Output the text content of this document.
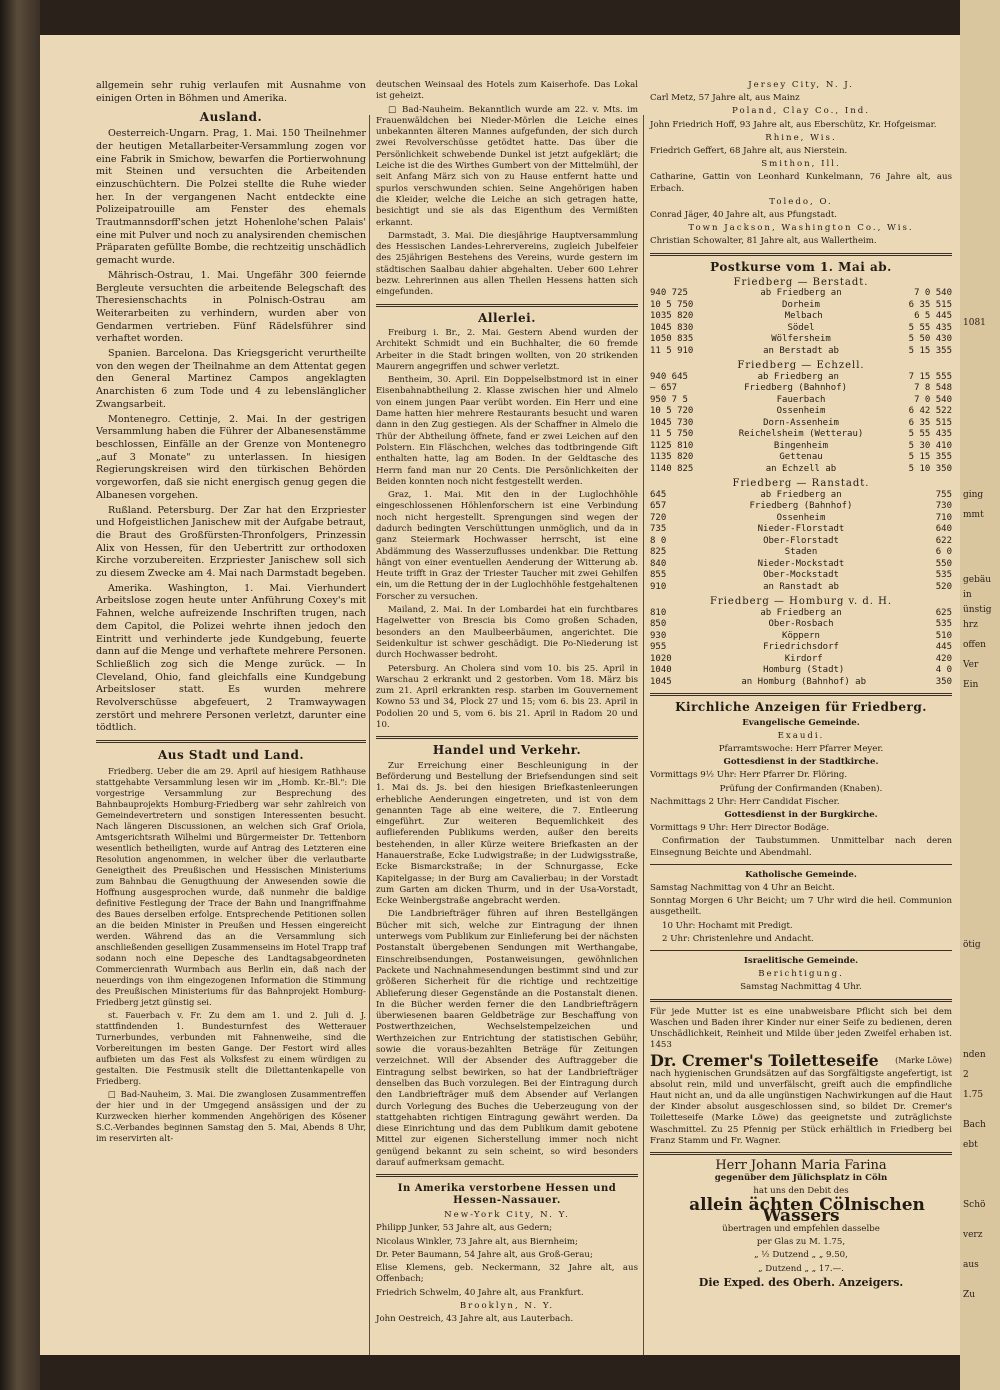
1081
ging
mmt
gebäu
in
ünstig
hrz
offen
Ver
Ein
ötig
nden
2
1.75
Bach
ebt
Schö
verz
aus
Zu

allgemein sehr ruhig verlaufen mit Ausnahme von einigen Orten in Böhmen und Amerika.

Ausland.

Oesterreich-Ungarn. Prag, 1. Mai. 150 Theilnehmer der heutigen Metallarbeiter-Versammlung zogen vor eine Fabrik in Smichow, bewarfen die Portierwohnung mit Steinen und versuchten die Arbeitenden einzuschüchtern. Die Polzei stellte die Ruhe wieder her. In der vergangenen Nacht entdeckte eine Polizeipatrouille am Fenster des ehemals Trautmannsdorff'schen jetzt Hohenlohe'schen Palais' eine mit Pulver und noch zu analysirenden chemischen Präparaten gefüllte Bombe, die rechtzeitig unschädlich gemacht wurde.

Mährisch-Ostrau, 1. Mai. Ungefähr 300 feiernde Bergleute versuchten die arbeitende Belegschaft des Theresienschachts in Polnisch-Ostrau am Weiterarbeiten zu verhindern, wurden aber von Gendarmen vertrieben. Fünf Rädelsführer sind verhaftet worden.

Spanien. Barcelona. Das Kriegsgericht verurtheilte von den wegen der Theilnahme an dem Attentat gegen den General Martinez Campos angeklagten Anarchisten 6 zum Tode und 4 zu lebenslänglicher Zwangsarbeit.

Montenegro. Cettinje, 2. Mai. In der gestrigen Versammlung haben die Führer der Albanesenstämme beschlossen, Einfälle an der Grenze von Montenegro „auf 3 Monate" zu unterlassen. In hiesigen Regierungskreisen wird den türkischen Behörden vorgeworfen, daß sie nicht energisch genug gegen die Albanesen vorgehen.

Rußland. Petersburg. Der Zar hat den Erzpriester und Hofgeistlichen Janischew mit der Aufgabe betraut, die Braut des Großfürsten-Thronfolgers, Prinzessin Alix von Hessen, für den Uebertritt zur orthodoxen Kirche vorzubereiten. Erzpriester Janischew soll sich zu diesem Zwecke am 4. Mai nach Darmstadt begeben.

Amerika. Washington, 1. Mai. Vierhundert Arbeitslose zogen heute unter Anführung Coxey's mit Fahnen, welche aufreizende Inschriften trugen, nach dem Capitol, die Polizei wehrte ihnen jedoch den Eintritt und verhinderte jede Kundgebung, feuerte dann auf die Menge und verhaftete mehrere Personen. Schließlich zog sich die Menge zurück. — In Cleveland, Ohio, fand gleichfalls eine Kundgebung Arbeitsloser statt. Es wurden mehrere Revolverschüsse abgefeuert, 2 Tramwaywagen zerstört und mehrere Personen verletzt, darunter eine tödtlich.

Aus Stadt und Land.

Friedberg. Ueber die am 29. April auf hiesigem Rathhause stattgehabte Versammlung lesen wir im „Homb. Kr.-Bl.": Die vorgestrige Versammlung zur Besprechung des Bahnbauprojekts Homburg-Friedberg war sehr zahlreich von Gemeindevertretern und sonstigen Interessenten besucht. Nach längeren Discussionen, an welchen sich Graf Oriola, Amtsgerichtsrath Wilhelmi und Bürgermeister Dr. Tettenborn wesentlich betheiligten, wurde auf Antrag des Letzteren eine Resolution angenommen, in welcher über die verlautbarte Geneigtheit des Preußischen und Hessischen Ministeriums zum Bahnbau die Genugthuung der Anwesenden sowie die Hoffnung ausgesprochen wurde, daß nunmehr die baldige definitive Festlegung der Trace der Bahn und Inangriffnahme des Baues derselben erfolge. Entsprechende Petitionen sollen an die beiden Minister in Preußen und Hessen eingereicht werden. Während das an die Versammlung sich anschließenden geselligen Zusammenseins im Hotel Trapp traf sodann noch eine Depesche des Landtagsabgeordneten Commercienrath Wurmbach aus Berlin ein, daß nach der neuerdings von ihm eingezogenen Information die Stimmung des Preußischen Ministeriums für das Bahnprojekt Homburg-Friedberg jetzt günstig sei.

st. Fauerbach v. Fr. Zu dem am 1. und 2. Juli d. J. stattfindenden 1. Bundesturnfest des Wetterauer Turnerbundes, verbunden mit Fahnenweihe, sind die Vorbereitungen im besten Gange. Der Festort wird alles aufbieten um das Fest als Volksfest zu einem würdigen zu gestalten. Die Festmusik stellt die Dilettantenkapelle von Friedberg.

□ Bad-Nauheim, 3. Mai. Die zwanglosen Zusammentreffen der hier und in der Umgegend ansässigen und der zu Kurzwecken hierher kommenden Angehörigen des Kösener S.C.-Verbandes beginnen Samstag den 5. Mai, Abends 8 Uhr, im reservirten alt-

deutschen Weinsaal des Hotels zum Kaiserhofe. Das Lokal ist geheizt.

□ Bad-Nauheim. Bekanntlich wurde am 22. v. Mts. im Frauenwäldchen bei Nieder-Mörlen die Leiche eines unbekannten älteren Mannes aufgefunden, der sich durch zwei Revolverschüsse getödtet hatte. Das über die Persönlichkeit schwebende Dunkel ist jetzt aufgeklärt; die Leiche ist die des Wirthes Gumbert von der Mittelmühl, der seit Anfang März sich von zu Hause entfernt hatte und spurlos verschwunden schien. Seine Angehörigen haben die Kleider, welche die Leiche an sich getragen hatte, besichtigt und sie als das Eigenthum des Vermißten erkannt.

Darmstadt, 3. Mai. Die diesjährige Hauptversammlung des Hessischen Landes-Lehrervereins, zugleich Jubelfeier des 25jährigen Bestehens des Vereins, wurde gestern im städtischen Saalbau dahier abgehalten. Ueber 600 Lehrer bezw. Lehrerinnen aus allen Theilen Hessens hatten sich eingefunden.

Allerlei.

Freiburg i. Br., 2. Mai. Gestern Abend wurden der Architekt Schmidt und ein Buchhalter, die 60 fremde Arbeiter in die Stadt bringen wollten, von 20 strikenden Maurern angegriffen und schwer verletzt.

Bentheim, 30. April. Ein Doppelselbstmord ist in einer Eisenbahnabtheilung 2. Klasse zwischen hier und Almelo von einem jungen Paar verübt worden. Ein Herr und eine Dame hatten hier mehrere Restaurants besucht und waren dann in den Zug gestiegen. Als der Schaffner in Almelo die Thür der Abtheilung öffnete, fand er zwei Leichen auf den Polstern. Ein Fläschchen, welches das todtbringende Gift enthalten hatte, lag am Boden. In der Geldtasche des Herrn fand man nur 20 Cents. Die Persönlichkeiten der Beiden konnten noch nicht festgestellt werden.

Graz, 1. Mai. Mit den in der Luglochhöhle eingeschlossenen Höhlenforschern ist eine Verbindung noch nicht hergestellt. Sprengungen sind wegen der dadurch bedingten Verschüttungen unmöglich, und da in ganz Steiermark Hochwasser herrscht, ist eine Abdämmung des Wasserzuflusses undenkbar. Die Rettung hängt von einer eventuellen Aenderung der Witterung ab. Heute trifft in Graz der Triester Taucher mit zwei Gehilfen ein, um die Rettung der in der Luglochhöhle festgehaltenen Forscher zu versuchen.

Mailand, 2. Mai. In der Lombardei hat ein furchtbares Hagelwetter von Brescia bis Como großen Schaden, besonders an den Maulbeerbäumen, angerichtet. Die Seidenkultur ist schwer geschädigt. Die Po-Niederung ist durch Hochwasser bedroht.

Petersburg. An Cholera sind vom 10. bis 25. April in Warschau 2 erkrankt und 2 gestorben. Vom 18. März bis zum 21. April erkrankten resp. starben im Gouvernement Kowno 53 und 34, Plock 27 und 15; vom 6. bis 23. April in Podolien 20 und 5, vom 6. bis 21. April in Radom 20 und 10.

Handel und Verkehr.

Zur Erreichung einer Beschleunigung in der Beförderung und Bestellung der Briefsendungen sind seit 1. Mai ds. Js. bei den hiesigen Briefkastenleerungen erhebliche Aenderungen eingetreten, und ist von dem genannten Tage ab eine weitere, die 7. Entleerung eingeführt. Zur weiteren Bequemlichkeit des auflieferenden Publikums werden, außer den bereits bestehenden, in aller Kürze weitere Briefkasten an der Hanauerstraße, Ecke Ludwigstraße; in der Ludwigsstraße, Ecke Bismarckstraße; in der Schnurgasse, Ecke Kapitelgasse; in der Burg am Cavalierbau; in der Vorstadt zum Garten am dicken Thurm, und in der Usa-Vorstadt, Ecke Weinbergstraße angebracht werden.

Die Landbriefträger führen auf ihren Bestellgängen Bücher mit sich, welche zur Eintragung der ihnen unterwegs vom Publikum zur Einlieferung bei der nächsten Postanstalt übergebenen Sendungen mit Werthangabe, Einschreibsendungen, Postanweisungen, gewöhnlichen Packete und Nachnahmesendungen bestimmt sind und zur größeren Sicherheit für die richtige und rechtzeitige Ablieferung dieser Gegenstände an die Postanstalt dienen. In die Bücher werden ferner die den Landbriefträgern überwiesenen baaren Geldbeträge zur Beschaffung von Postwerthzeichen, Wechselstempelzeichen und Werthzeichen zur Entrichtung der statistischen Gebühr, sowie die voraus-bezahlten Beträge für Zeitungen verzeichnet. Will der Absender des Auftraggeber die Eintragung selbst bewirken, so hat der Landbriefträger denselben das Buch vorzulegen. Bei der Eintragung durch den Landbriefträger muß dem Absender auf Verlangen durch Vorlegung des Buches die Ueberzeugung von der stattgehabten richtigen Eintragung gewährt werden. Da diese Einrichtung und das dem Publikum damit gebotene Mittel zur eigenen Sicherstellung immer noch nicht genügend bekannt zu sein scheint, so wird besonders darauf aufmerksam gemacht.

In Amerika verstorbene Hessen und Hessen-Nassauer.

New-York City, N. Y.

Philipp Junker, 53 Jahre alt, aus Gedern;

Nicolaus Winkler, 73 Jahre alt, aus Biernheim;

Dr. Peter Baumann, 54 Jahre alt, aus Groß-Gerau;

Elise Klemens, geb. Neckermann, 32 Jahre alt, aus Offenbach;

Friedrich Schwelm, 40 Jahre alt, aus Frankfurt.

Brooklyn, N. Y.

John Oestreich, 43 Jahre alt, aus Lauterbach.

Jersey City, N. J.

Carl Metz, 57 Jahre alt, aus Mainz

Poland, Clay Co., Ind.

John Friedrich Hoff, 93 Jahre alt, aus Eberschütz, Kr. Hofgeismar.

Rhine, Wis.

Friedrich Geffert, 68 Jahre alt, aus Nierstein.

Smithon, Ill.

Catharine, Gattin von Leonhard Kunkelmann, 76 Jahre alt, aus Erbach.

Toledo, O.

Conrad Jäger, 40 Jahre alt, aus Pfungstadt.

Town Jackson, Washington Co., Wis.

Christian Schowalter, 81 Jahre alt, aus Wallertheim.

Postkurse vom 1. Mai ab.
Friedberg — Berstadt.
940 725	ab Friedberg an	7 0 540
10 5 750	Dorheim	6 35 515
1035 820	Melbach	6 5 445
1045 830	Södel	5 55 435
1050 835	Wölfersheim	5 50 430
11 5 910	an Berstadt ab	5 15 355
Friedberg — Echzell.
940 645	ab Friedberg an	7 15 555
— 657	Friedberg (Bahnhof)	7 8 548
950 7 5	Fauerbach	7 0 540
10 5 720	Ossenheim	6 42 522
1045 730	Dorn-Assenheim	6 35 515
11 5 750	Reichelsheim (Wetterau)	5 55 435
1125 810	Bingenheim	5 30 410
1135 820	Gettenau	5 15 355
1140 825	an Echzell ab	5 10 350
Friedberg — Ranstadt.
645	ab Friedberg an	755
657	Friedberg (Bahnhof)	730
720	Ossenheim	710
735	Nieder-Florstadt	640
8 0	Ober-Florstadt	622
825	Staden	6 0
840	Nieder-Mockstadt	550
855	Ober-Mockstadt	535
910	an Ranstadt ab	520
Friedberg — Homburg v. d. H.
810	ab Friedberg an	625
850	Ober-Rosbach	535
930	Köppern	510
955	Friedrichsdorf	445
1020	Kirdorf	420
1040	Homburg (Stadt)	4 0
1045	an Homburg (Bahnhof) ab	350
Kirchliche Anzeigen für Friedberg.

Evangelische Gemeinde.

Exaudi.

Pfarramtswoche: Herr Pfarrer Meyer.

Gottesdienst in der Stadtkirche.

Vormittags 9½ Uhr: Herr Pfarrer Dr. Flöring.

Prüfung der Confirmanden (Knaben).

Nachmittags 2 Uhr: Herr Candidat Fischer.

Gottesdienst in der Burgkirche.

Vormittags 9 Uhr: Herr Director Bodäge.

Confirmation der Taubstummen. Unmittelbar nach deren Einsegnung Beichte und Abendmahl.

Katholische Gemeinde.

Samstag Nachmittag von 4 Uhr an Beicht.

Sonntag Morgen 6 Uhr Beicht; um 7 Uhr wird die heil. Communion ausgetheilt.

10 Uhr: Hochamt mit Predigt.

2 Uhr: Christenlehre und Andacht.

Israelitische Gemeinde.

Berichtigung.

Samstag Nachmittag 4 Uhr.

Für jede Mutter ist es eine unabweisbare Pflicht sich bei dem Waschen und Baden ihrer Kinder nur einer Seife zu bedienen, deren Unschädlichkeit, Reinheit und Milde über jeden Zweifel erhaben ist. 1453

Dr. Cremer's Toiletteseife (Marke Löwe)

nach hygienischen Grundsätzen auf das Sorgfältigste angefertigt, ist absolut rein, mild und unverfälscht, greift auch die empfindliche Haut nicht an, und da alle ungünstigen Nachwirkungen auf die Haut der Kinder absolut ausgeschlossen sind, so bildet Dr. Cremer's Toiletteseife (Marke Löwe) das geeignetste und zuträglichste Waschmittel. Zu 25 Pfennig per Stück erhältlich in Friedberg bei Franz Stamm und Fr. Wagner.

Herr Johann Maria Farina

gegenüber dem Jülichsplatz in Cöln

hat uns den Debit des

allein ächten Cölnischen Wassers

übertragen und empfehlen dasselbe

per Glas zu M. 1.75,

„ ½ Dutzend „ „ 9.50,

„ Dutzend „ „ 17.—.

Die Exped. des Oberh. Anzeigers.
